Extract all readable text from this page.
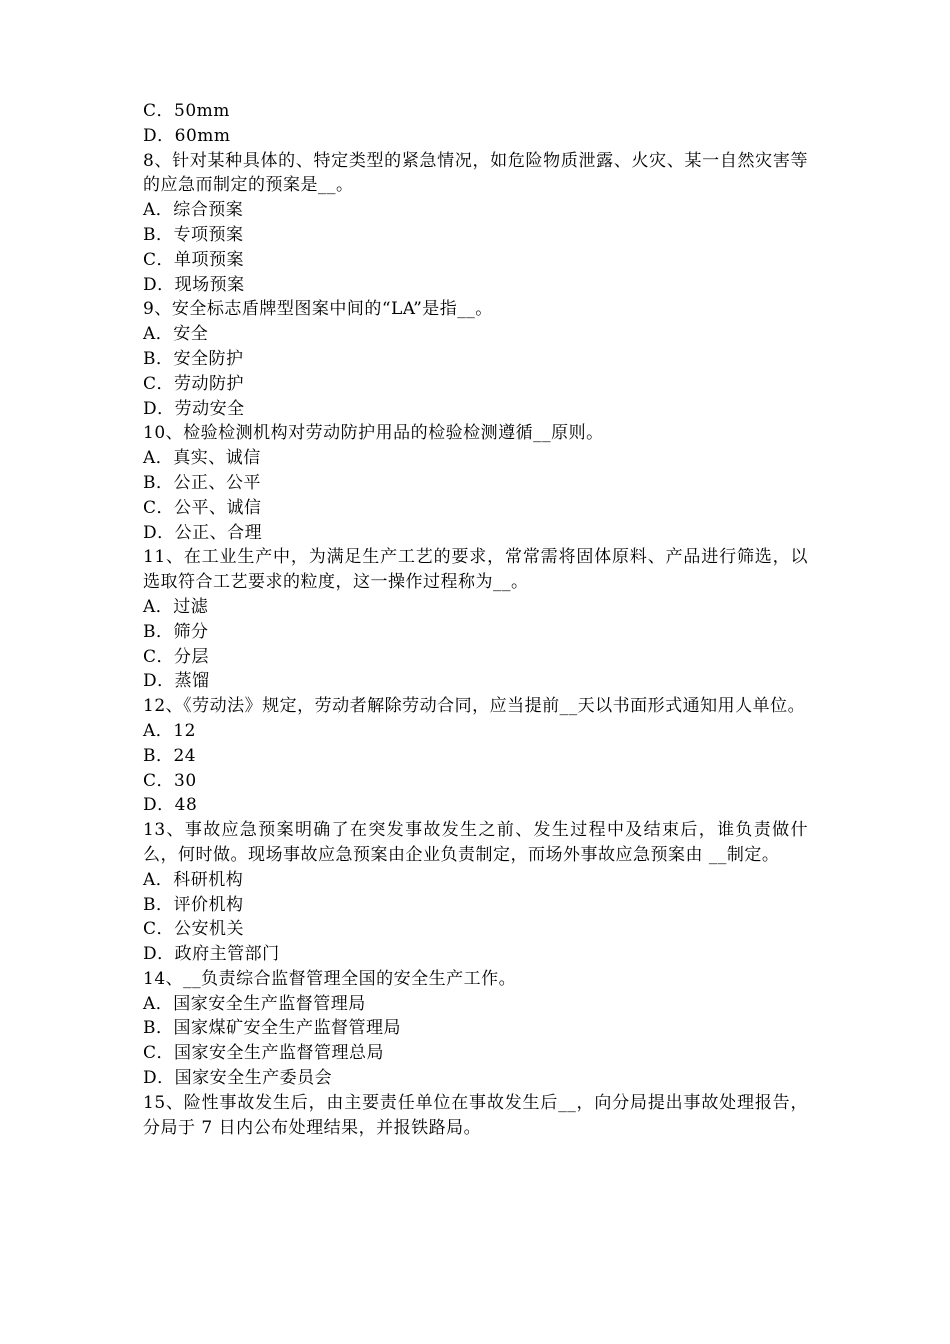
C．50mm
D．60mm
8、针对某种具体的、特定类型的紧急情况，如危险物质泄露、火灾、某一自然灾害等的应急而制定的预案是__。
A．综合预案
B．专项预案
C．单项预案
D．现场预案
9、安全标志盾牌型图案中间的“LA”是指__。
A．安全
B．安全防护
C．劳动防护
D．劳动安全
10、检验检测机构对劳动防护用品的检验检测遵循__原则。
A．真实、诚信
B．公正、公平
C．公平、诚信
D．公正、合理
11、在工业生产中，为满足生产工艺的要求，常常需将固体原料、产品进行筛选，以选取符合工艺要求的粒度，这一操作过程称为__。
A．过滤
B．筛分
C．分层
D．蒸馏
12、《劳动法》规定，劳动者解除劳动合同，应当提前__天以书面形式通知用人单位。
A．12
B．24
C．30
D．48
13、事故应急预案明确了在突发事故发生之前、发生过程中及结束后，谁负责做什么，何时做。现场事故应急预案由企业负责制定，而场外事故应急预案由 __制定。
A．科研机构
B．评价机构
C．公安机关
D．政府主管部门
14、__负责综合监督管理全国的安全生产工作。
A．国家安全生产监督管理局
B．国家煤矿安全生产监督管理局
C．国家安全生产监督管理总局
D．国家安全生产委员会
15、险性事故发生后，由主要责任单位在事故发生后__，向分局提出事故处理报告，分局于 7 日内公布处理结果，并报铁路局。
